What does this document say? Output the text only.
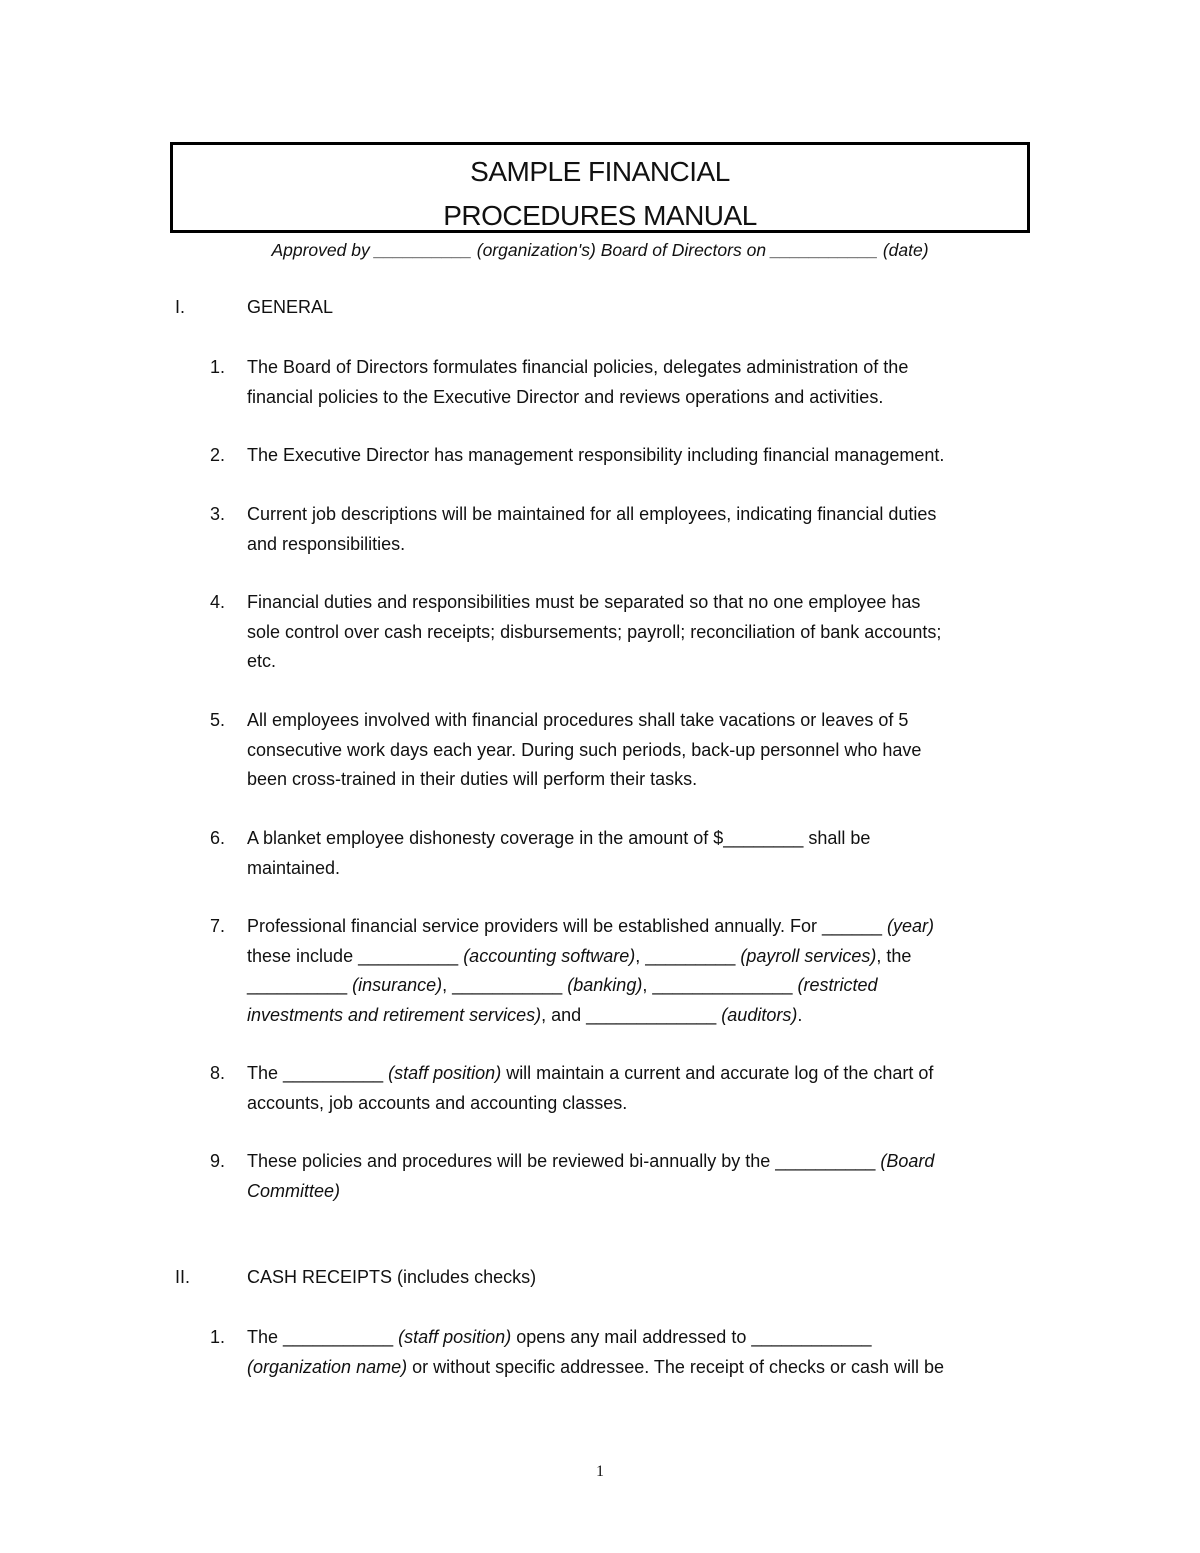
SAMPLE FINANCIAL
PROCEDURES MANUAL
Approved by __________ (organization's) Board of Directors on ___________ (date)
I.	GENERAL
1.	The Board of Directors formulates financial policies, delegates administration of the
financial policies to the Executive Director and reviews operations and activities.
2.	The Executive Director has management responsibility including financial management.
3.	Current job descriptions will be maintained for all employees, indicating financial duties
and responsibilities.
4.	Financial duties and responsibilities must be separated so that no one employee has
sole control over cash receipts; disbursements; payroll; reconciliation of bank accounts;
etc.
5.	All employees involved with financial procedures shall take vacations or leaves of 5
consecutive work days each year. During such periods, back-up personnel who have
been cross-trained in their duties will perform their tasks.
6.	A blanket employee dishonesty coverage in the amount of $________ shall be
maintained.
7.	Professional financial service providers will be established annually. For ______ (year)
these include __________ (accounting software), _________ (payroll services), the
__________ (insurance), ___________ (banking), ______________ (restricted
investments and retirement services), and _____________ (auditors).
8.	The __________ (staff position) will maintain a current and accurate log of the chart of
accounts, job accounts and accounting classes.
9.	These policies and procedures will be reviewed bi-annually by the __________ (Board
Committee)
II.	CASH RECEIPTS (includes checks)
1.	The ___________ (staff position) opens any mail addressed to ____________
(organization name) or without specific addressee. The receipt of checks or cash will be
1
